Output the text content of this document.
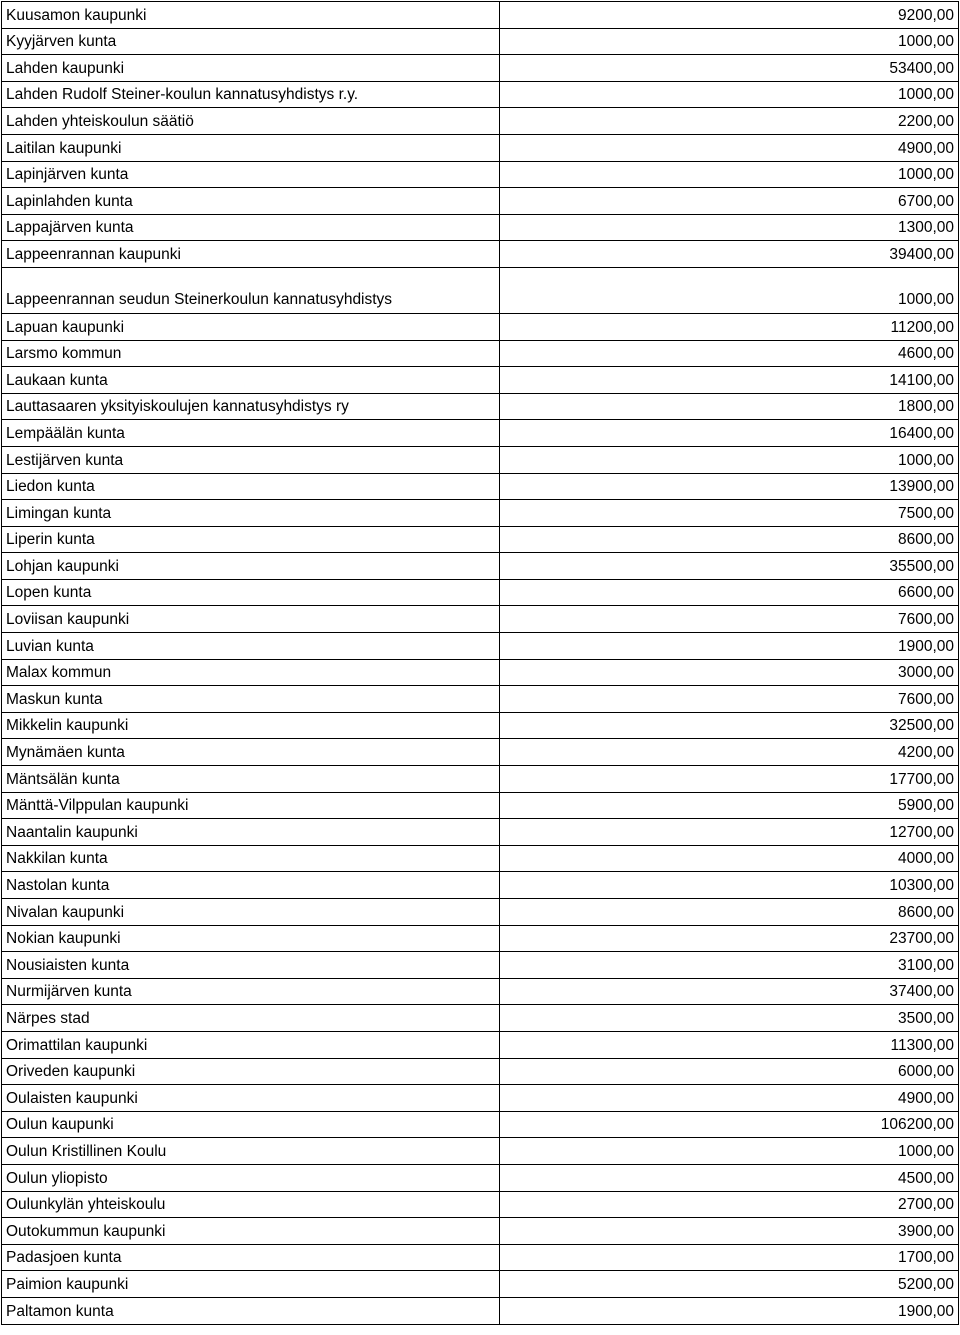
Kuusamon kaupunki	9200,00
Kyyjärven kunta	1000,00
Lahden kaupunki	53400,00
Lahden Rudolf Steiner-koulun kannatusyhdistys r.y.	1000,00
Lahden yhteiskoulun säätiö	2200,00
Laitilan kaupunki	4900,00
Lapinjärven kunta	1000,00
Lapinlahden kunta	6700,00
Lappajärven kunta	1300,00
Lappeenrannan kaupunki	39400,00
Lappeenrannan seudun Steinerkoulun kannatusyhdistys	1000,00
Lapuan kaupunki	11200,00
Larsmo kommun	4600,00
Laukaan kunta	14100,00
Lauttasaaren yksityiskoulujen kannatusyhdistys ry	1800,00
Lempäälän kunta	16400,00
Lestijärven kunta	1000,00
Liedon kunta	13900,00
Limingan kunta	7500,00
Liperin kunta	8600,00
Lohjan kaupunki	35500,00
Lopen kunta	6600,00
Loviisan kaupunki	7600,00
Luvian kunta	1900,00
Malax kommun	3000,00
Maskun kunta	7600,00
Mikkelin kaupunki	32500,00
Mynämäen kunta	4200,00
Mäntsälän kunta	17700,00
Mänttä-Vilppulan kaupunki	5900,00
Naantalin kaupunki	12700,00
Nakkilan kunta	4000,00
Nastolan kunta	10300,00
Nivalan kaupunki	8600,00
Nokian kaupunki	23700,00
Nousiaisten kunta	3100,00
Nurmijärven kunta	37400,00
Närpes stad	3500,00
Orimattilan kaupunki	11300,00
Oriveden kaupunki	6000,00
Oulaisten kaupunki	4900,00
Oulun kaupunki	106200,00
Oulun Kristillinen Koulu	1000,00
Oulun yliopisto	4500,00
Oulunkylän yhteiskoulu	2700,00
Outokummun kaupunki	3900,00
Padasjoen kunta	1700,00
Paimion kaupunki	5200,00
Paltamon kunta	1900,00
